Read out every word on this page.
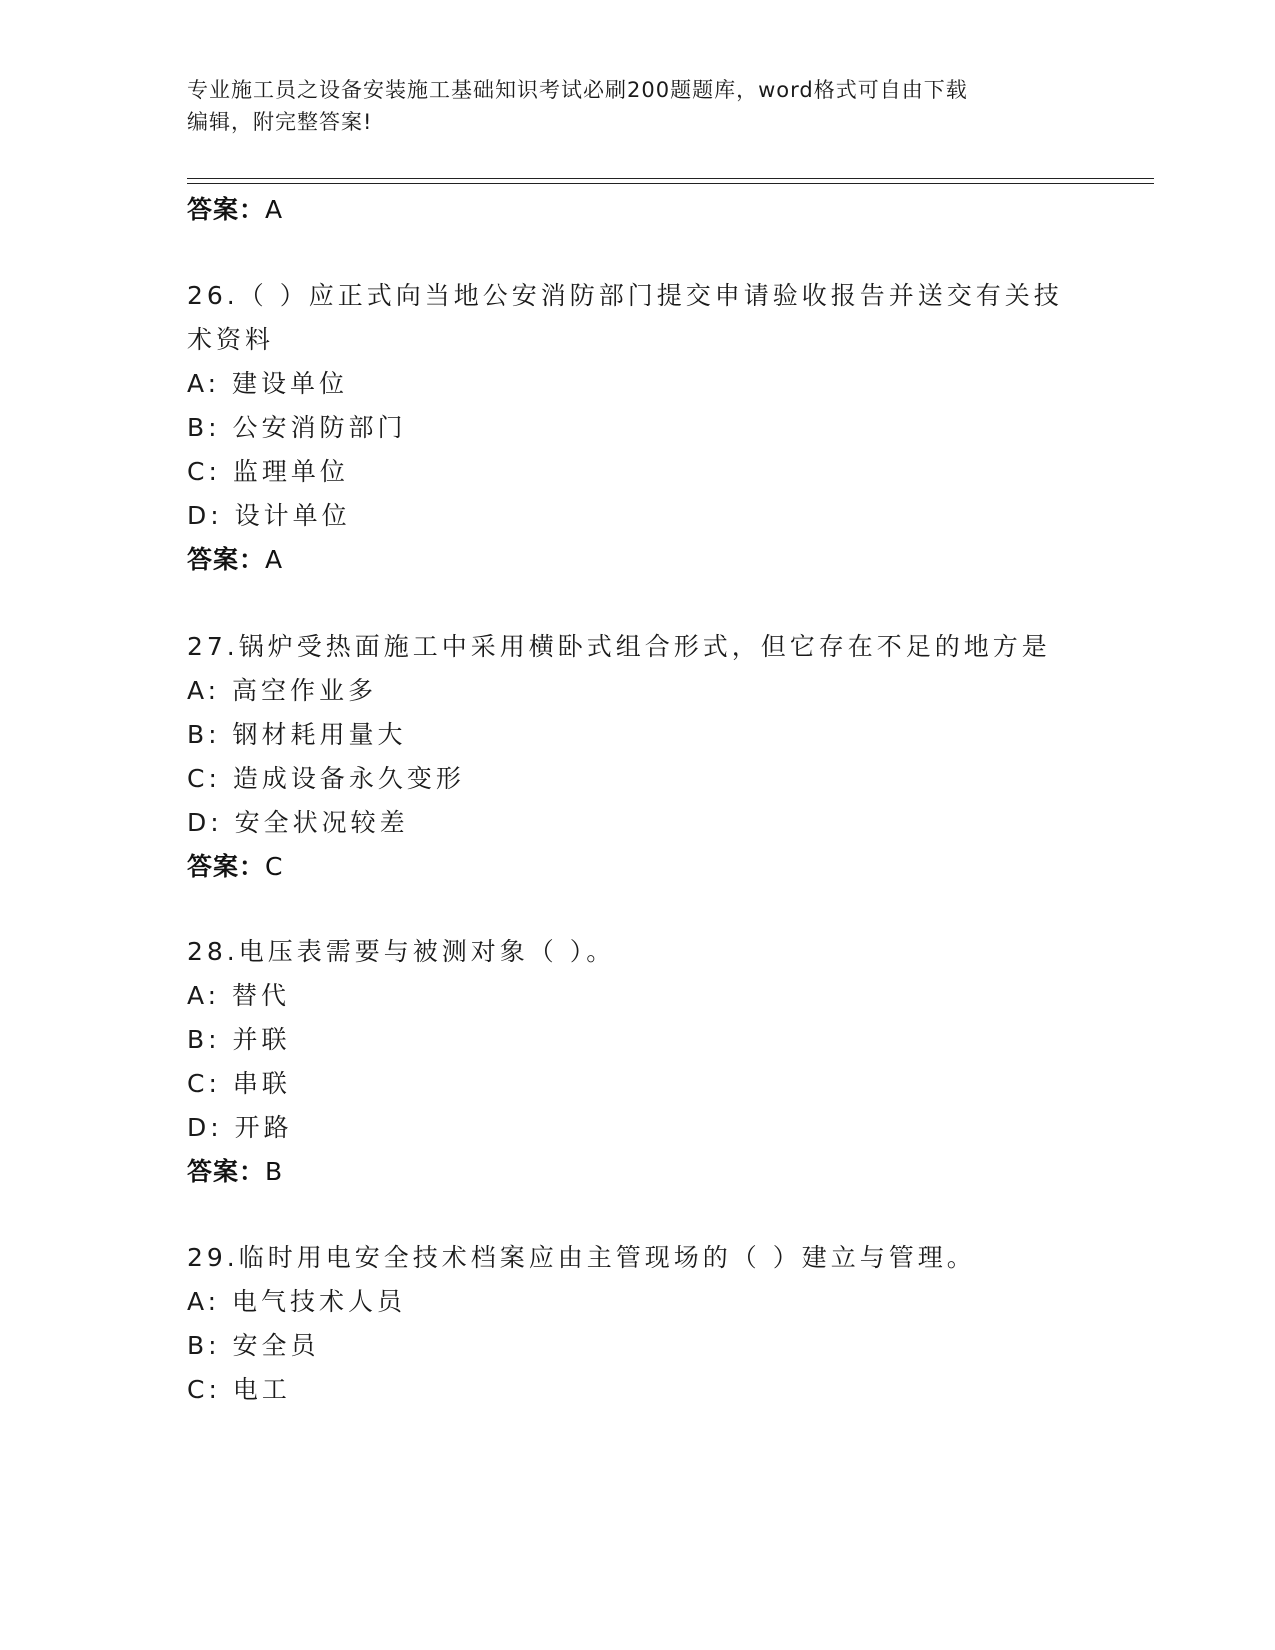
专业施工员之设备安装施工基础知识考试必刷200题题库，word格式可自由下载
编辑，附完整答案!
答案：A
26.（ ）应正式向当地公安消防部门提交申请验收报告并送交有关技
术资料
A: 建设单位
B: 公安消防部门
C: 监理单位
D: 设计单位
答案：A
27.锅炉受热面施工中采用横卧式组合形式，但它存在不足的地方是
A: 高空作业多
B: 钢材耗用量大
C: 造成设备永久变形
D: 安全状况较差
答案：C
28.电压表需要与被测对象（ ）。
A: 替代
B: 并联
C: 串联
D: 开路
答案：B
29.临时用电安全技术档案应由主管现场的（ ）建立与管理。
A: 电气技术人员
B: 安全员
C: 电工
